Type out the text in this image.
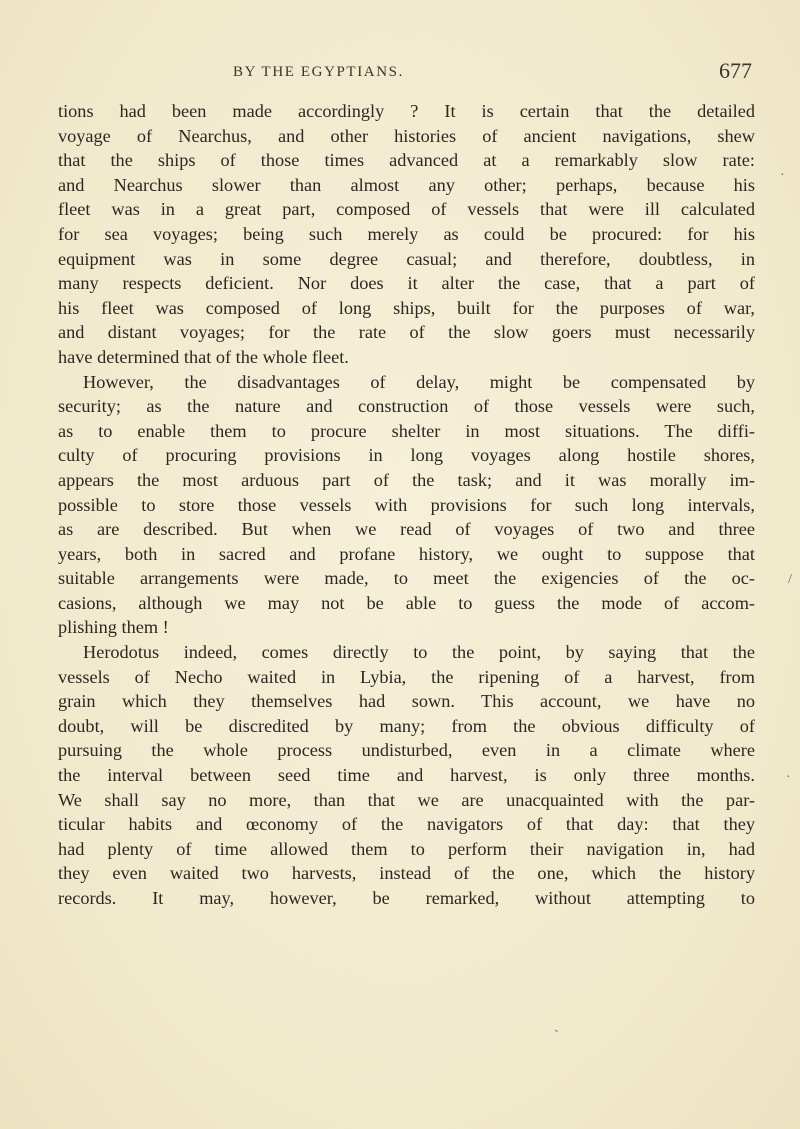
BY THE EGYPTIANS.	677
tions had been made accordingly ? It is certain that the detailed
voyage of Nearchus, and other histories of ancient navigations, shew
that the ships of those times advanced at a remarkably slow rate:
and Nearchus slower than almost any other; perhaps, because his
fleet was in a great part, composed of vessels that were ill calculated
for sea voyages; being such merely as could be procured: for his
equipment was in some degree casual; and therefore, doubtless, in
many respects deficient. Nor does it alter the case, that a part of
his fleet was composed of long ships, built for the purposes of war,
and distant voyages; for the rate of the slow goers must necessarily
have determined that of the whole fleet.
However, the disadvantages of delay, might be compensated by
security; as the nature and construction of those vessels were such,
as to enable them to procure shelter in most situations. The diffi-
culty of procuring provisions in long voyages along hostile shores,
appears the most arduous part of the task; and it was morally im-
possible to store those vessels with provisions for such long intervals,
as are described. But when we read of voyages of two and three
years, both in sacred and profane history, we ought to suppose that
suitable arrangements were made, to meet the exigencies of the oc-
casions, although we may not be able to guess the mode of accom-
plishing them !
Herodotus indeed, comes directly to the point, by saying that the
vessels of Necho waited in Lybia, the ripening of a harvest, from
grain which they themselves had sown. This account, we have no
doubt, will be discredited by many; from the obvious difficulty of
pursuing the whole process undisturbed, even in a climate where
the interval between seed time and harvest, is only three months.
We shall say no more, than that we are unacquainted with the par-
ticular habits and œconomy of the navigators of that day: that they
had plenty of time allowed them to perform their navigation in, had
they even waited two harvests, instead of the one, which the history
records. It may, however, be remarked, without attempting to
/
·
·
ˏ
